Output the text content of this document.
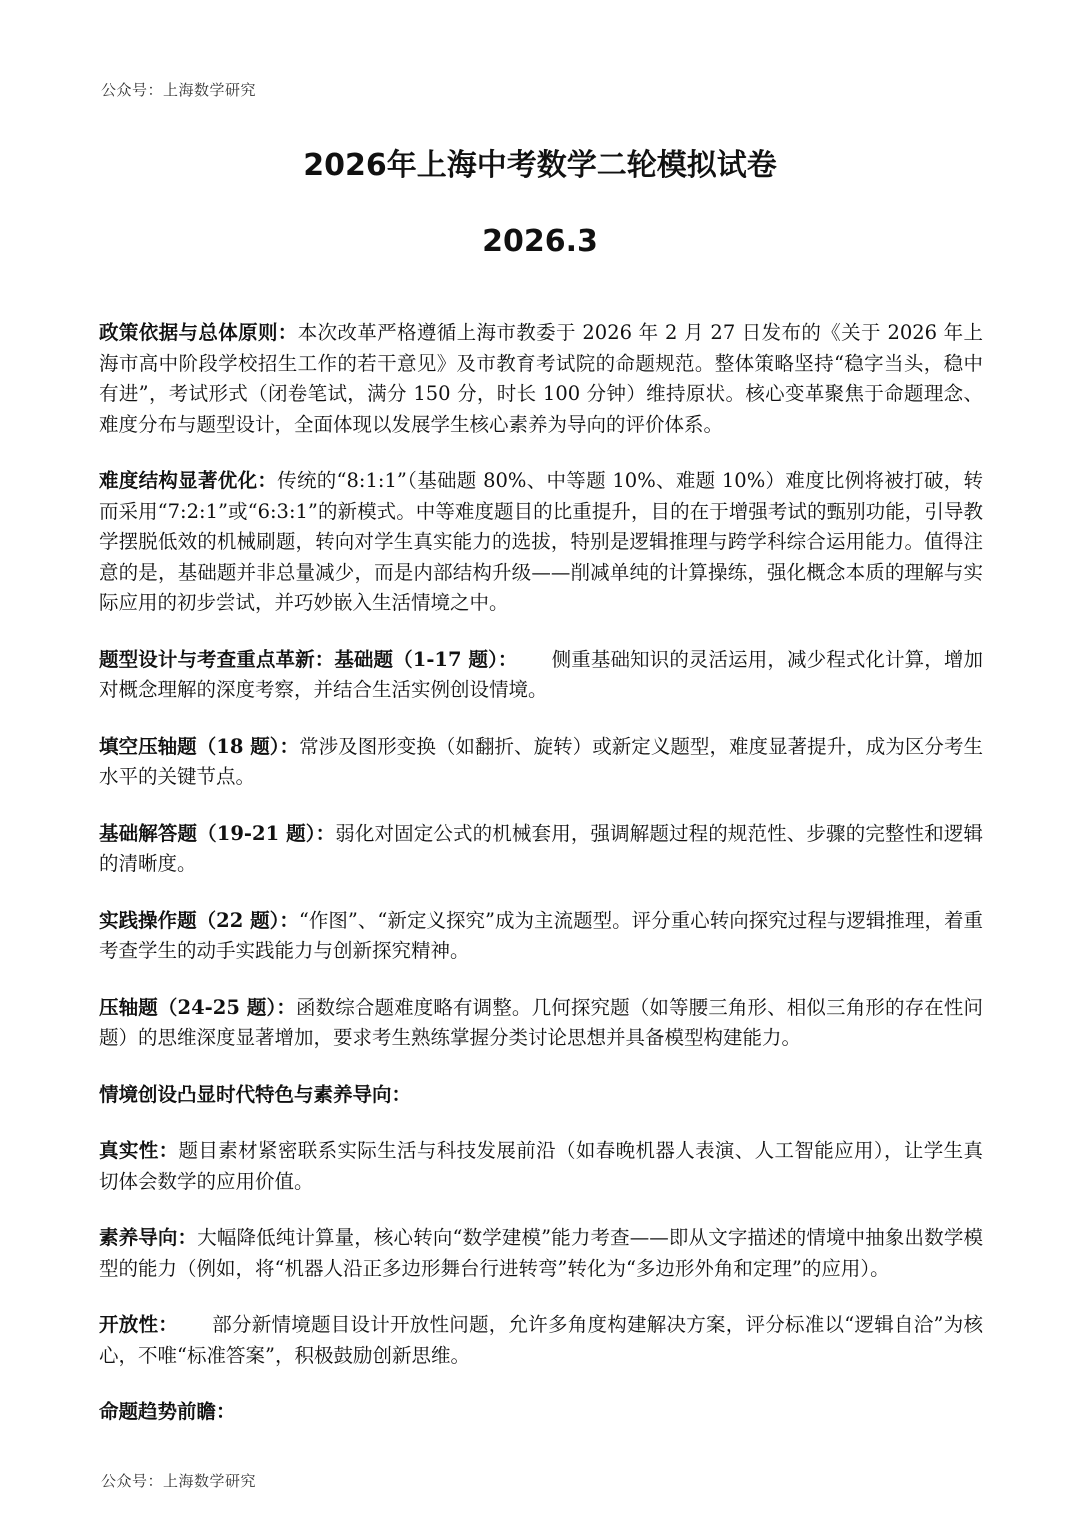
公众号：上海数学研究
2026年上海中考数学二轮模拟试卷
2026.3

政策依据与总体原则：本次改革严格遵循上海市教委于 2026 年 2 月 27 日发布的《关于 2026 年上海市高中阶段学校招生工作的若干意见》及市教育考试院的命题规范。整体策略坚持“稳字当头，稳中有进”，考试形式（闭卷笔试，满分 150 分，时长 100 分钟）维持原状。核心变革聚焦于命题理念、难度分布与题型设计，全面体现以发展学生核心素养为导向的评价体系。

难度结构显著优化：传统的“8:1:1”（基础题 80%、中等题 10%、难题 10%）难度比例将被打破，转而采用“7:2:1”或“6:3:1”的新模式。中等难度题目的比重提升，目的在于增强考试的甄别功能，引导教学摆脱低效的机械刷题，转向对学生真实能力的选拔，特别是逻辑推理与跨学科综合运用能力。值得注意的是，基础题并非总量减少，而是内部结构升级——削减单纯的计算操练，强化概念本质的理解与实际应用的初步尝试，并巧妙嵌入生活情境之中。

题型设计与考查重点革新：基础题（1-17 题）： 侧重基础知识的灵活运用，减少程式化计算，增加对概念理解的深度考察，并结合生活实例创设情境。

填空压轴题（18 题）：常涉及图形变换（如翻折、旋转）或新定义题型，难度显著提升，成为区分考生水平的关键节点。

基础解答题（19-21 题）：弱化对固定公式的机械套用，强调解题过程的规范性、步骤的完整性和逻辑的清晰度。

实践操作题（22 题）：“作图”、“新定义探究”成为主流题型。评分重心转向探究过程与逻辑推理，着重考查学生的动手实践能力与创新探究精神。

压轴题（24-25 题）：函数综合题难度略有调整。几何探究题（如等腰三角形、相似三角形的存在性问题）的思维深度显著增加，要求考生熟练掌握分类讨论思想并具备模型构建能力。

情境创设凸显时代特色与素养导向：

真实性：题目素材紧密联系实际生活与科技发展前沿（如春晚机器人表演、人工智能应用），让学生真切体会数学的应用价值。

素养导向：大幅降低纯计算量，核心转向“数学建模”能力考查——即从文字描述的情境中抽象出数学模型的能力（例如，将“机器人沿正多边形舞台行进转弯”转化为“多边形外角和定理”的应用）。

开放性： 部分新情境题目设计开放性问题，允许多角度构建解决方案，评分标准以“逻辑自洽”为核心，不唯“标准答案”，积极鼓励创新思维。

命题趋势前瞻：

公众号：上海数学研究
